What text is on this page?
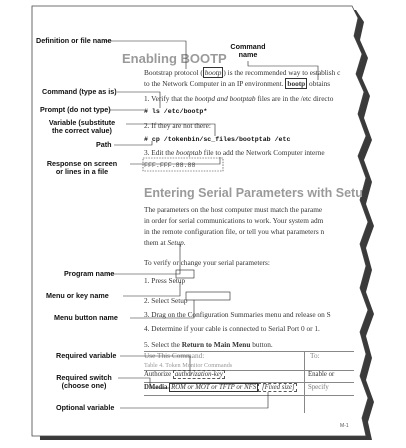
Definition or file name
Command
name
Command (type as is)
Prompt (do not type)
Variable (substitute
the correct value)
Path
Response on screen
or lines in a file
Program name
Menu or key name
Menu button name
Required variable
Required switch
(choose one)
Optional variable
Enabling BOOTP
Bootstrap protocol ( bootp ) is the recommended way to establish c
to the Network Computer in an IP environment. bootp obtains
1. Verify that the bootpd and bootptab files are in the /etc directo
# ls /etc/bootp*
2. If they are not there:
# cp /tokenbin/sc_files/bootptab /etc
3. Edit the bootptab file to add the Network Computer interne
FFF.FFF.88.88
Entering Serial Parameters with Setu
The parameters on the host computer must match the parame
in order for serial communications to work. Your system adm
in the remote configuration file, or tell you what parameters n
them at Setup.
To verify or change your serial parameters:
1. Press Setup
2. Select Setup
3. Drag on the Configuration Summaries menu and release on S
4. Determine if your cable is connected to Serial Port 0 or 1.
5. Select the Return to Main Menu button.
Use This Command:	To:
Table 4. Token Monitor Commands
Authorize authorization-key	Enable or
DMedia ROM or MOT or TFTP or NFS [Fixed size] Specify
M-1
